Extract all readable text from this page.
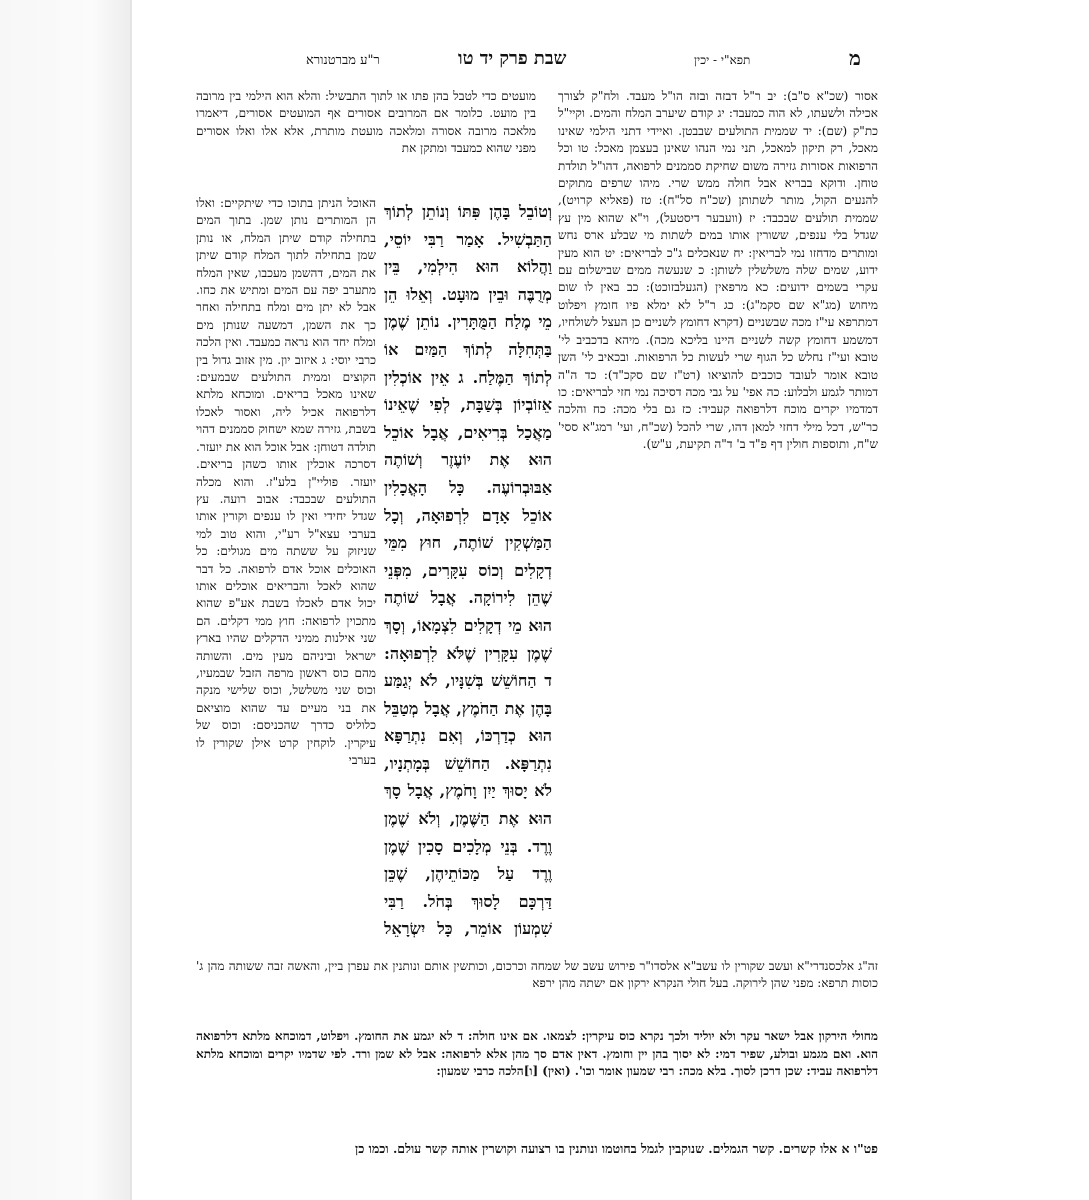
ר"ע מברטנורא	שבת פרק יד טו	תפא"י - יכין	מ
מועטים כדי לטבל בהן פתו או לתוך התבשיל: והלא הוא הילמי בין מרובה בין מועט. כלומר אם המרובים אסורים אף המועטים אסורים, דיאמרו מלאכה מרובה אסורה ומלאכה מועטת מותרת, אלא אלו ואלו אסורים מפני שהוא כמעבד ומתקן את
האוכל הניתן בתוכו כדי שיתקיים: ואלו הן המותרים נותן שמן. בתוך המים בתחילה קודם שיתן המלח, או נותן שמן בתחילה לתוך המלח קודם שיתן את המים, דהשמן מעכבו, שאין המלח מתערב יפה עם המים ומתיש את כחו. אבל לא יתן מים ומלח בתחילה ואחר כך את השמן, דמשעה שנותן מים ומלח יחד הוא נראה כמעבד. ואין הלכה כרבי יוסי: ג איזוב יון. מין אזוב גדול בין הקוצים וממית התולעים שבמעים: שאינו מאכל בריאים. ומוכחא מלתא דלרפואה אכיל ליה, ואסור לאכלו בשבת, גזירה שמא ישחוק סממנים דהוי תולדה דטוחן: אבל אוכל הוא את יועזר. דסרכה אוכלין אותו כשהן בריאים. יועזר. פוליי"ן בלע"ז. והוא מכלה התולעים שבכבד: אבוב רועה. עץ שגדל יחידי ואין לו ענפים וקורין אותו בערבי עצא"ל רע"י, והוא טוב למי שניזוק על ששתה מים מגולים: כל האוכלים אוכל אדם לרפואה. כל דבר שהוא לאכל והבריאים אוכלים אותו יכול אדם לאכלו בשבת אע"פ שהוא מתכוין לרפואה: חוץ ממי דקלים. הם שני אילנות ממיני הדקלים שהיו בארץ ישראל וביניהם מעין מים. והשותה מהם כוס ראשון מרפה הזבל שבמעיו, וכוס שני משלשל, וכוס שלישי מנקה את בני מעיים עד שהוא מוציאם כלוליס כדרך שהכניסם: וכוס של עיקרין. לוקחין קרט אילן שקורין לו בערבי
וְטוֹבֵל בָּהֶן פִּתּוֹ וְנוֹתֵן לְתוֹךְ הַתַּבְשִׁיל. אָמַר רַבִּי יוֹסֵי, וַהֲלוֹא הוּא הִילְמִי, בֵּין מְרֻבֶּה וּבֵין מוּעָט. וְאֵלוּ הֵן מֵי מֶלַח הַמֻּתָּרִין. נוֹתֵן שֶׁמֶן בַּתְּחִלָּה לְתוֹךְ הַמַּיִם אוֹ לְתוֹךְ הַמֶּלַח. ג אֵין אוֹכְלִין אֵזוֹבְיוֹן בְּשַׁבָּת, לְפִי שֶׁאֵינוֹ מַאֲכַל בְּרִיאִים, אֲבָל אוֹכֵל הוּא אֶת יוֹעֶזֶר וְשׁוֹתֶה אַבּוּבְרוֹעֶה. כָּל הָאֳכָלִין אוֹכֵל אָדָם לִרְפוּאָה, וְכָל הַמַּשְׁקִין שׁוֹתֶה, חוּץ מִמֵּי דְקָלִים וְכוֹס עִקָּרִים, מִפְּנֵי שֶׁהֵן לִירוֹקָה. אֲבָל שׁוֹתֶה הוּא מֵי דְקָלִים לִצְמָאוֹ, וְסָךְ שֶׁמֶן עִקָּרִין שֶׁלֹּא לִרְפוּאָה: ד הַחוֹשֵׁשׁ בְּשִׁנָּיו, לֹא יְגַמַּע בָּהֶן אֶת הַחֹמֶץ, אֲבָל מְטַבֵּל הוּא כְדַרְכּוֹ, וְאִם נִתְרַפָּא נִתְרַפָּא. הַחוֹשֵׁשׁ בְּמָתְנָיו, לֹא יָסוּךְ יַיִן וָחֹמֶץ, אֲבָל סָךְ הוּא אֶת הַשֶּׁמֶן, וְלֹא שֶׁמֶן וֶרֶד. בְּנֵי מְלָכִים סָכִין שֶׁמֶן וֶרֶד עַל מַכּוֹתֵיהֶן, שֶׁכֵּן דַּרְכָּם לָסוּךְ בְּחֹל. רַבִּי שִׁמְעוֹן אוֹמֵר, כָּל יִשְׂרָאֵל

אסור (שכ"א ס"ב): יב ר"ל דבזה ובזה הו"ל מעבד. ולח"ק לצורך אכילה ולשעתו, לא הוה כמעבד: יג קודם שיערב המלח והמים. וקיי"ל כת"ק (שם): יד שממית התולעים שבבטן. ואיידי דתני הילמי שאינו מאכל, רק תיקון למאכל, תני נמי הנהו שאינן בעצמן מאכל: טו וכל הרפואות אסורות גזירה משום שחיקת סממנים לרפואה, דהו"ל תולדת טוחן. ודוקא בבריא אבל חולה ממש שרי. מיהו שרפים מתוקים להנעים הקול, מותר לשתותן (שכ"ח סל"ח): טז (פאליא קרויט), שממית תולעים שבכבד: יז (וועבער דיסטעל), וי"א שהוא מין עץ שגדל בלי ענפים, ששורין אותו במים לשתות מי שבלע ארס נחש ומותרים מדחזו נמי לבריאין: יח שנאכלים ג"כ לבריאים: יט הוא מעין ידוע, שמים שלה משלשלין לשותן: כ שנעשה ממים שבישלום עם עקרי בשמים ידועים: כא מרפאין (הגעלבזוכט): כב באין לו שום מיחוש (מג"א שם סקמ"ג): כג ר"ל לא ימלא פיו חומץ ויפלוט דמתרפא עי"ז מכה שבשניים (דקרא דחומץ לשניים כן העצל לשולחיו, דמשמע דחומץ קשה לשניים היינו בליכא מכה). מיהא בדכביב לי' טובא ועי"ז נחלש כל הגוף שרי לעשות כל הרפואות. ובכאיב לי' השן טובא אומר לעובד כוכבים להוציאו (רט"ז שם סקכ"ד): כד ה"ה דמותר לגמע ולבלוע: כה אפי' על גבי מכה דסיכה נמי חזי לבריאים: כו דמדמיו יקרים מוכח דלרפואה קעביד: כז גם בלי מכה: כח והלכה כר"ש, דכל מילי דחזי למאן דהו, שרי להכל (שכ"ח, ועי' רמג"א ססי' ש"ח, ותוספות חולין דף פ"ד ב' ד"ה תקיעת, ע"ש).
זה"ג אלכסנדרי"א ועשב שקורין לו עשב"א אלסדו"ר פירוש עשב של שמחה וכרכום, וכותשין אותם ונותנין את עפרן ביין, והאשה זבה ששותה מהן ג' כוסות תרפא: מפני שהן לירוקה. בעל חולי הנקרא ירקון אם ישתה מהן ירפא
מחולי הירקון אבל ישאר עקר ולא יוליד ולכך נקרא כוס עיקרין: לצמאו. אם אינו חולה: ד לא יגמע את החומץ. ויפלוט, דמוכחא מלתא דלרפואה הוא. ואם מגמע ובולע, שפיר דמי: לא יסוך בהן יין וחומץ. דאין אדם סך מהן אלא לרפואה: אבל לא שמן ורד. לפי שדמיו יקרים ומוכחא מלתא דלרפואה עביד: שכן דרכן לסוך. בלא מכה: רבי שמעון אומר וכו'. (ואין) [ו]הלכה כרבי שמעון:
פט"ו א אלו קשרים. קשר הגמלים. שנוקבין לגמל בחוטמו ונותנין בו רצועה וקושרין אותה קשר עולם. וכמו כן
